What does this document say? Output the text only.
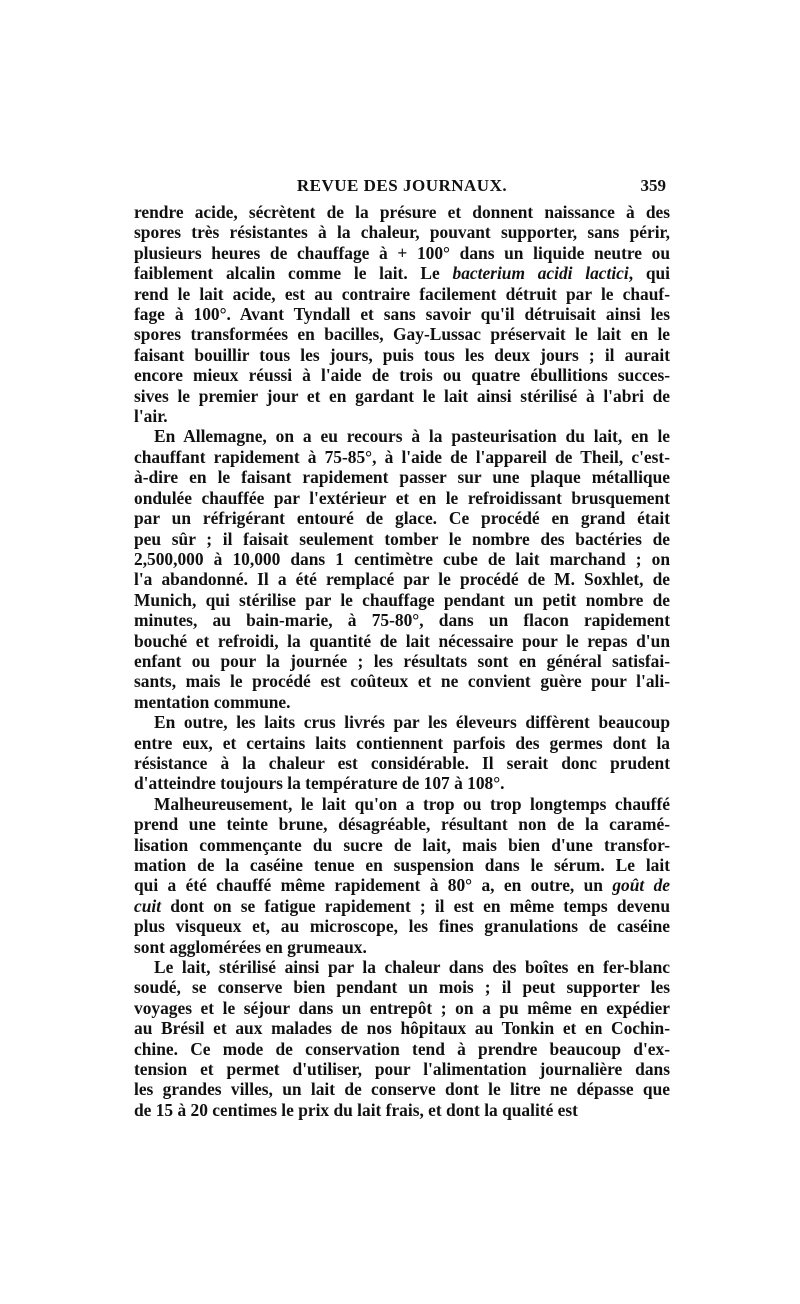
REVUE DES JOURNAUX.	359
rendre acide, sécrètent de la présure et donnent naissance à des
spores très résistantes à la chaleur, pouvant supporter, sans périr,
plusieurs heures de chauffage à + 100° dans un liquide neutre ou
faiblement alcalin comme le lait. Le bacterium acidi lactici, qui
rend le lait acide, est au contraire facilement détruit par le chauf-
fage à 100°. Avant Tyndall et sans savoir qu'il détruisait ainsi les
spores transformées en bacilles, Gay-Lussac préservait le lait en le
faisant bouillir tous les jours, puis tous les deux jours ; il aurait
encore mieux réussi à l'aide de trois ou quatre ébullitions succes-
sives le premier jour et en gardant le lait ainsi stérilisé à l'abri de
l'air.
En Allemagne, on a eu recours à la pasteurisation du lait, en le
chauffant rapidement à 75-85°, à l'aide de l'appareil de Theil, c'est-
à-dire en le faisant rapidement passer sur une plaque métallique
ondulée chauffée par l'extérieur et en le refroidissant brusquement
par un réfrigérant entouré de glace. Ce procédé en grand était
peu sûr ; il faisait seulement tomber le nombre des bactéries de
2,500,000 à 10,000 dans 1 centimètre cube de lait marchand ; on
l'a abandonné. Il a été remplacé par le procédé de M. Soxhlet, de
Munich, qui stérilise par le chauffage pendant un petit nombre de
minutes, au bain-marie, à 75-80°, dans un flacon rapidement
bouché et refroidi, la quantité de lait nécessaire pour le repas d'un
enfant ou pour la journée ; les résultats sont en général satisfai-
sants, mais le procédé est coûteux et ne convient guère pour l'ali-
mentation commune.
En outre, les laits crus livrés par les éleveurs diffèrent beaucoup
entre eux, et certains laits contiennent parfois des germes dont la
résistance à la chaleur est considérable. Il serait donc prudent
d'atteindre toujours la température de 107 à 108°.
Malheureusement, le lait qu'on a trop ou trop longtemps chauffé
prend une teinte brune, désagréable, résultant non de la caramé-
lisation commençante du sucre de lait, mais bien d'une transfor-
mation de la caséine tenue en suspension dans le sérum. Le lait
qui a été chauffé même rapidement à 80° a, en outre, un goût de
cuit dont on se fatigue rapidement ; il est en même temps devenu
plus visqueux et, au microscope, les fines granulations de caséine
sont agglomérées en grumeaux.
Le lait, stérilisé ainsi par la chaleur dans des boîtes en fer-blanc
soudé, se conserve bien pendant un mois ; il peut supporter les
voyages et le séjour dans un entrepôt ; on a pu même en expédier
au Brésil et aux malades de nos hôpitaux au Tonkin et en Cochin-
chine. Ce mode de conservation tend à prendre beaucoup d'ex-
tension et permet d'utiliser, pour l'alimentation journalière dans
les grandes villes, un lait de conserve dont le litre ne dépasse que
de 15 à 20 centimes le prix du lait frais, et dont la qualité est
